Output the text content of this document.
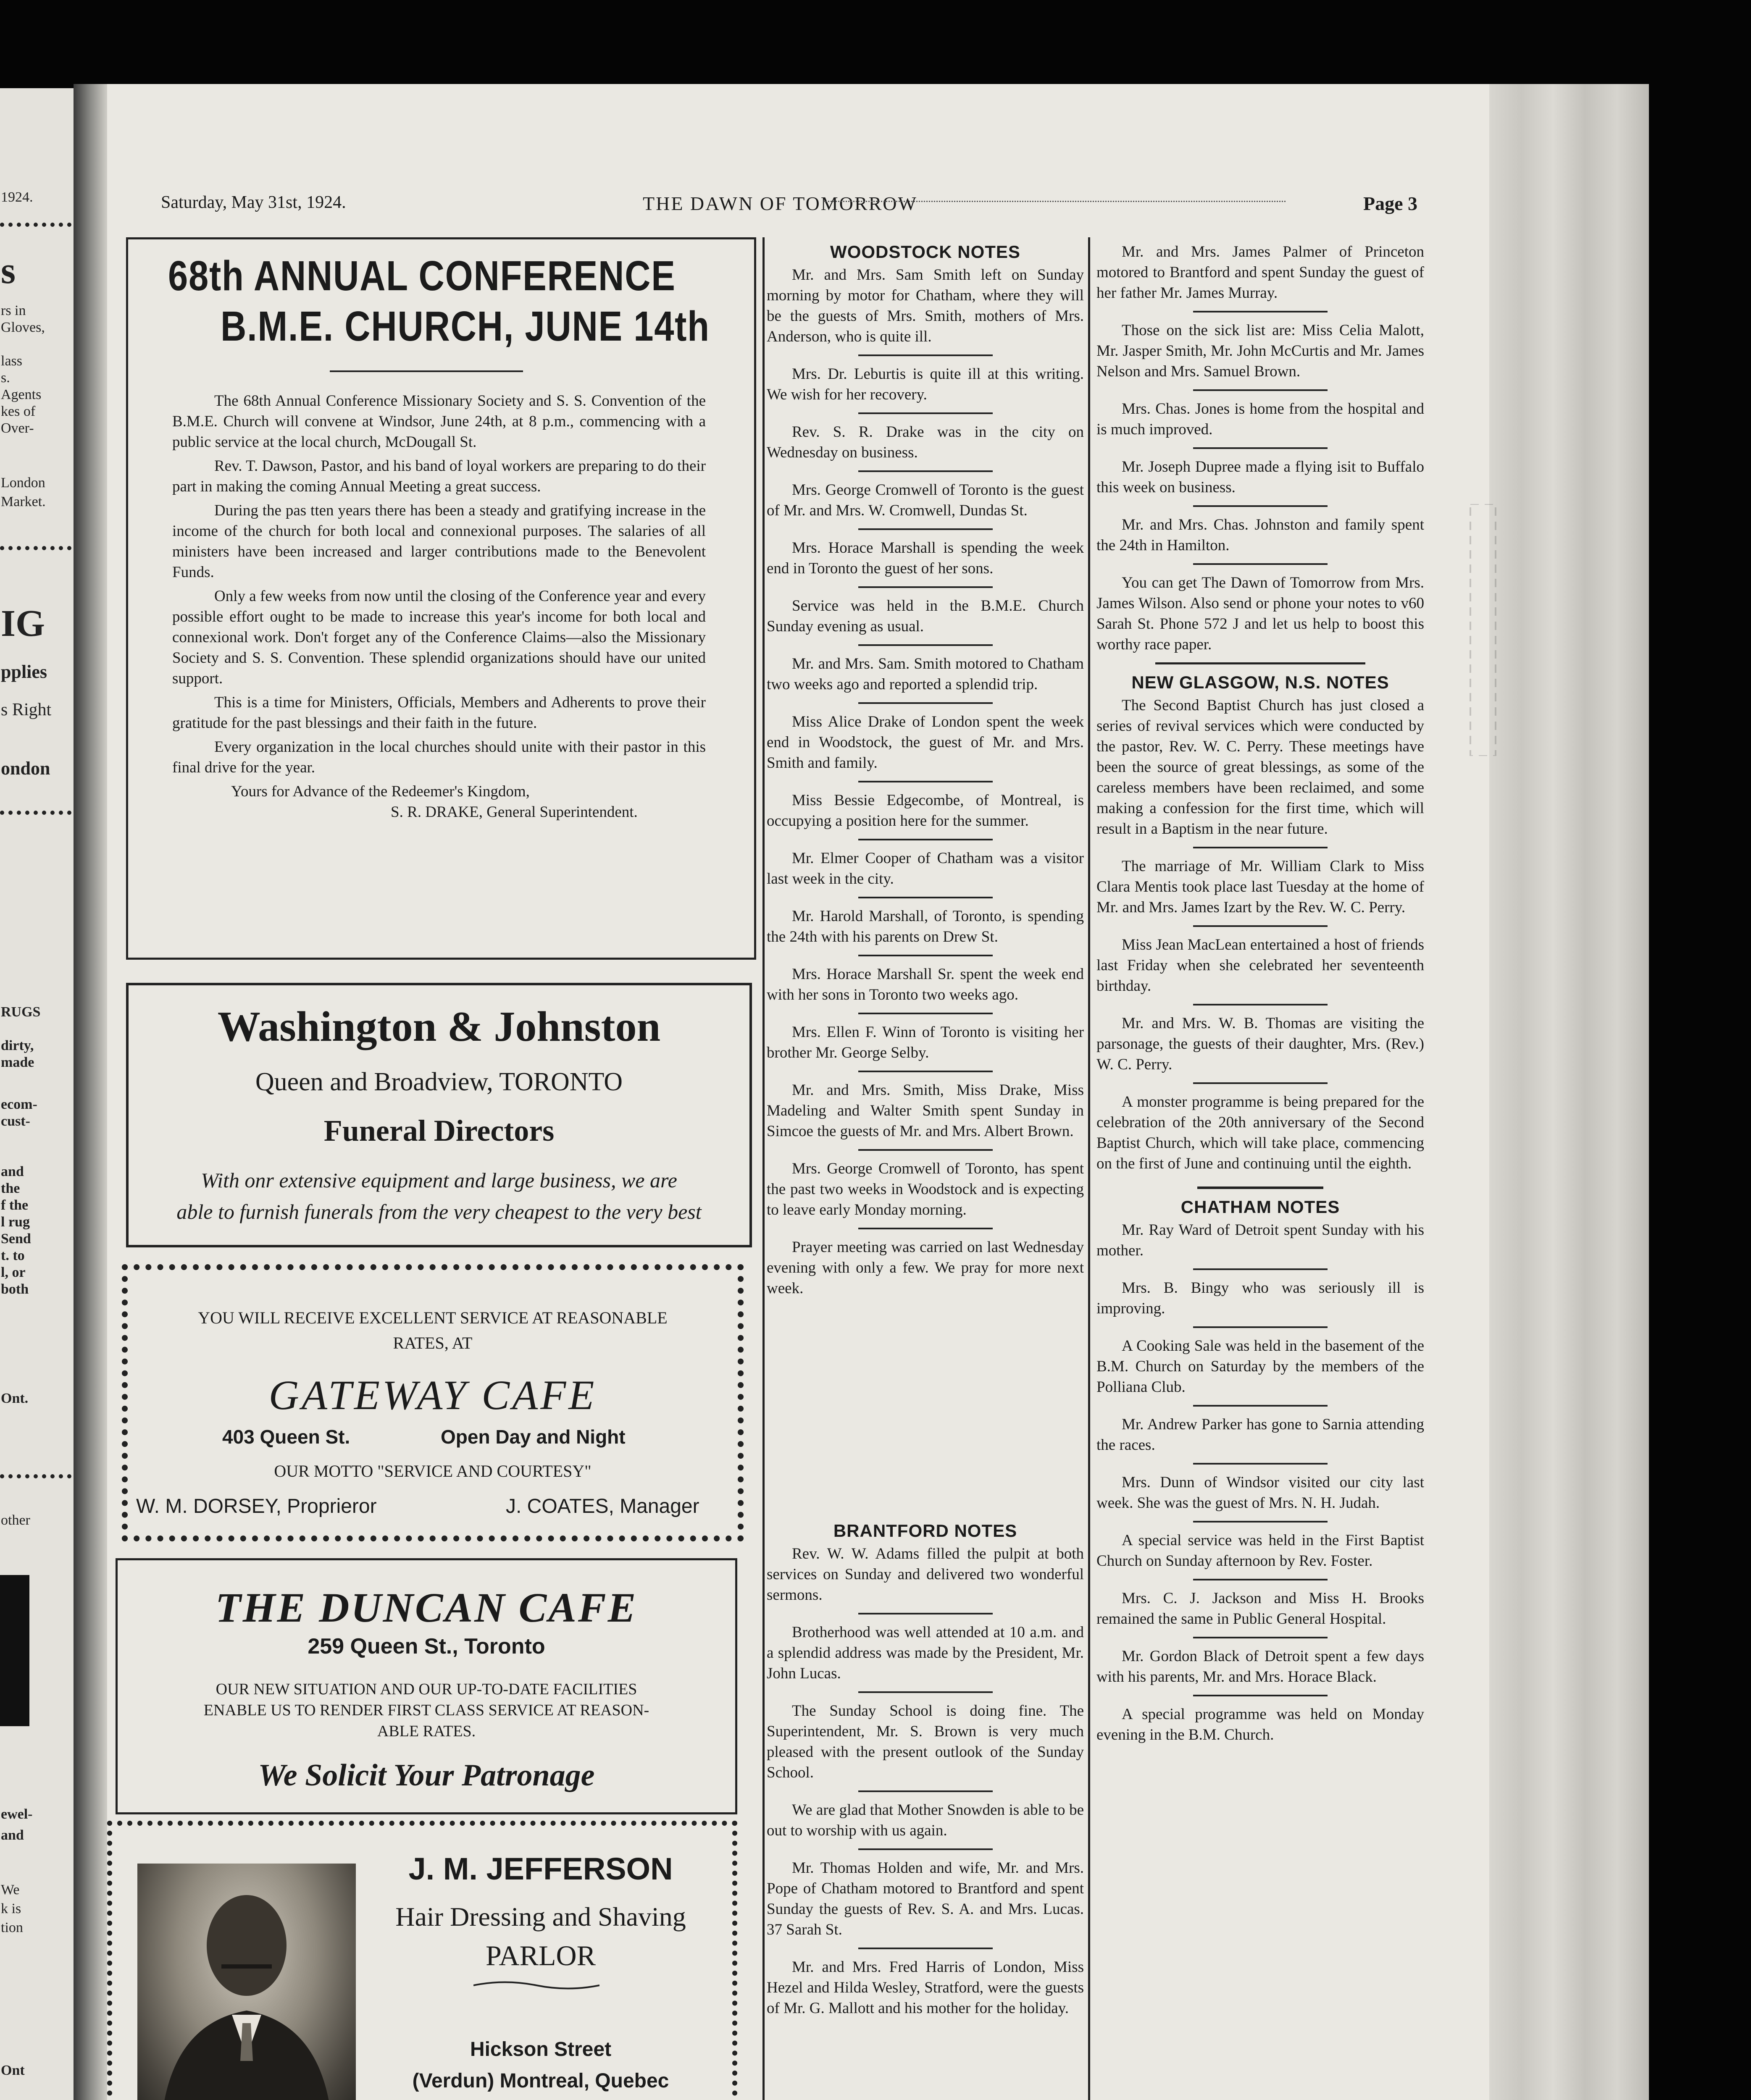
1924.
s
rs in
Gloves,
lass
s.
Agents
kes of
Over-
London
Market.
IG
pplies
s Right
ondon
RUGS
dirty,
made
ecom-
cust-
and
the
f the
l rug
Send
t. to
l, or
both
Ont.
other
ewel-
and
We
k is
tion
Ont
Saturday, May 31st, 1924.	THE DAWN OF TOMORROW	Page 3
68th ANNUAL CONFERENCE
B.M.E. CHURCH, JUNE 14th

The 68th Annual Conference Missionary Society and S. S. Convention of the B.M.E. Church will convene at Windsor, June 24th, at 8 p.m., commencing with a public service at the local church, McDougall St.

Rev. T. Dawson, Pastor, and his band of loyal workers are preparing to do their part in making the coming Annual Meeting a great success.

During the pas tten years there has been a steady and gratifying increase in the income of the church for both local and connexional purposes. The salaries of all ministers have been increased and larger contributions made to the Benevolent Funds.

Only a few weeks from now until the closing of the Conference year and every possible effort ought to be made to increase this year's income for both local and connexional work. Don't forget any of the Conference Claims—also the Missionary Society and S. S. Convention. These splendid organizations should have our united support.

This is a time for Ministers, Officials, Members and Adherents to prove their gratitude for the past blessings and their faith in the future.

Every organization in the local churches should unite with their pastor in this final drive for the year.

Yours for Advance of the Redeemer's Kingdom,
S. R. DRAKE, General Superintendent.
Washington & Johnston
Queen and Broadview, TORONTO
Funeral Directors
With onr extensive equipment and large business, we are
able to furnish funerals from the very cheapest to the very best
YOU WILL RECEIVE EXCELLENT SERVICE AT REASONABLE
RATES, AT
GATEWAY CAFE
403 Queen St.	Open Day and Night
OUR MOTTO "SERVICE AND COURTESY"
W. M. DORSEY, Proprieror	J. COATES, Manager
THE DUNCAN CAFE
259 Queen St., Toronto
OUR NEW SITUATION AND OUR UP-TO-DATE FACILITIES
ENABLE US TO RENDER FIRST CLASS SERVICE AT REASON-
ABLE RATES.
We Solicit Your Patronage
J. M. JEFFERSON
Hair Dressing and Shaving
PARLOR
Hickson Street
(Verdun) Montreal, Quebec
WOODSTOCK NOTES

Mr. and Mrs. Sam Smith left on Sunday morning by motor for Chatham, where they will be the guests of Mrs. Smith, mothers of Mrs. Anderson, who is quite ill.

Mrs. Dr. Leburtis is quite ill at this writing. We wish for her recovery.

Rev. S. R. Drake was in the city on Wednesday on business.

Mrs. George Cromwell of Toronto is the guest of Mr. and Mrs. W. Cromwell, Dundas St.

Mrs. Horace Marshall is spending the week end in Toronto the guest of her sons.

Service was held in the B.M.E. Church Sunday evening as usual.

Mr. and Mrs. Sam. Smith motored to Chatham two weeks ago and reported a splendid trip.

Miss Alice Drake of London spent the week end in Woodstock, the guest of Mr. and Mrs. Smith and family.

Miss Bessie Edgecombe, of Montreal, is occupying a position here for the summer.

Mr. Elmer Cooper of Chatham was a visitor last week in the city.

Mr. Harold Marshall, of Toronto, is spending the 24th with his parents on Drew St.

Mrs. Horace Marshall Sr. spent the week end with her sons in Toronto two weeks ago.

Mrs. Ellen F. Winn of Toronto is visiting her brother Mr. George Selby.

Mr. and Mrs. Smith, Miss Drake, Miss Madeling and Walter Smith spent Sunday in Simcoe the guests of Mr. and Mrs. Albert Brown.

Mrs. George Cromwell of Toronto, has spent the past two weeks in Woodstock and is expecting to leave early Monday morning.

Prayer meeting was carried on last Wednesday evening with only a few. We pray for more next week.

BRANTFORD NOTES

Rev. W. W. Adams filled the pulpit at both services on Sunday and delivered two wonderful sermons.

Brotherhood was well attended at 10 a.m. and a splendid address was made by the President, Mr. John Lucas.

The Sunday School is doing fine. The Superintendent, Mr. S. Brown is very much pleased with the present outlook of the Sunday School.

We are glad that Mother Snowden is able to be out to worship with us again.

Mr. Thomas Holden and wife, Mr. and Mrs. Pope of Chatham motored to Brantford and spent Sunday the guests of Rev. S. A. and Mrs. Lucas. 37 Sarah St.

Mr. and Mrs. Fred Harris of London, Miss Hezel and Hilda Wesley, Stratford, were the guests of Mr. G. Mallott and his mother for the holiday.

Mr. and Mrs. James Palmer of Princeton motored to Brantford and spent Sunday the guest of her father Mr. James Murray.

Those on the sick list are: Miss Celia Malott, Mr. Jasper Smith, Mr. John McCurtis and Mr. James Nelson and Mrs. Samuel Brown.

Mrs. Chas. Jones is home from the hospital and is much improved.

Mr. Joseph Dupree made a flying isit to Buffalo this week on business.

Mr. and Mrs. Chas. Johnston and family spent the 24th in Hamilton.

You can get The Dawn of Tomorrow from Mrs. James Wilson. Also send or phone your notes to v60 Sarah St. Phone 572 J and let us help to boost this worthy race paper.

NEW GLASGOW, N.S. NOTES

The Second Baptist Church has just closed a series of revival services which were conducted by the pastor, Rev. W. C. Perry. These meetings have been the source of great blessings, as some of the careless members have been reclaimed, and some making a confession for the first time, which will result in a Baptism in the near future.

The marriage of Mr. William Clark to Miss Clara Mentis took place last Tuesday at the home of Mr. and Mrs. James Izart by the Rev. W. C. Perry.

Miss Jean MacLean entertained a host of friends last Friday when she celebrated her seventeenth birthday.

Mr. and Mrs. W. B. Thomas are visiting the parsonage, the guests of their daughter, Mrs. (Rev.) W. C. Perry.

A monster programme is being prepared for the celebration of the 20th anniversary of the Second Baptist Church, which will take place, commencing on the first of June and continuing until the eighth.

CHATHAM NOTES

Mr. Ray Ward of Detroit spent Sunday with his mother.

Mrs. B. Bingy who was seriously ill is improving.

A Cooking Sale was held in the basement of the B.M. Church on Saturday by the members of the Polliana Club.

Mr. Andrew Parker has gone to Sarnia attending the races.

Mrs. Dunn of Windsor visited our city last week. She was the guest of Mrs. N. H. Judah.

A special service was held in the First Baptist Church on Sunday afternoon by Rev. Foster.

Mrs. C. J. Jackson and Miss H. Brooks remained the same in Public General Hospital.

Mr. Gordon Black of Detroit spent a few days with his parents, Mr. and Mrs. Horace Black.

A special programme was held on Monday evening in the B.M. Church.
